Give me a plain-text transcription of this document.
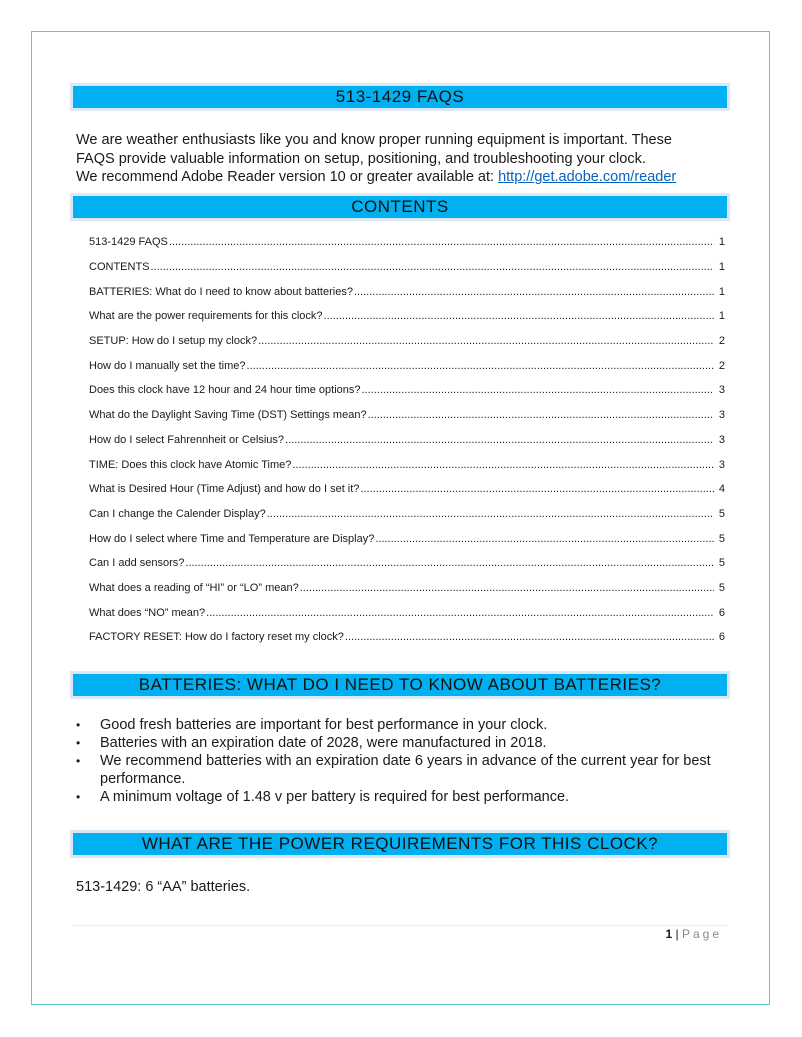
513-1429 FAQS
We are weather enthusiasts like you and know proper running equipment is important. These
FAQS provide valuable information on setup, positioning, and troubleshooting your clock.
We recommend Adobe Reader version 10 or greater available at: http://get.adobe.com/reader
CONTENTS
513-1429 FAQS .....	1
CONTENTS .....	1
BATTERIES: What do I need to know about batteries? .....	1
What are the power requirements for this clock? .....	1
SETUP: How do I setup my clock? .....	2
How do I manually set the time? .....	2
Does this clock have 12 hour and 24 hour time options? .....	3
What do the Daylight Saving Time (DST) Settings mean? .....	3
How do I select Fahrennheit or Celsius? .....	3
TIME: Does this clock have Atomic Time? .....	3
What is Desired Hour (Time Adjust) and how do I set it? .....	4
Can I change the Calender Display? .....	5
How do I select where Time and Temperature are Display? .....	5
Can I add sensors? .....	5
What does a reading of “HI” or “LO” mean? .....	5
What does “NO” mean? .....	6
FACTORY RESET: How do I factory reset my clock? .....	6
BATTERIES: WHAT DO I NEED TO KNOW ABOUT BATTERIES?
• Good fresh batteries are important for best performance in your clock.
• Batteries with an expiration date of 2028, were manufactured in 2018.
• We recommend batteries with an expiration date 6 years in advance of the current year for best performance.
• A minimum voltage of 1.48 v per battery is required for best performance.
WHAT ARE THE POWER REQUIREMENTS FOR THIS CLOCK?
513-1429: 6 “AA” batteries.
1 | Page
